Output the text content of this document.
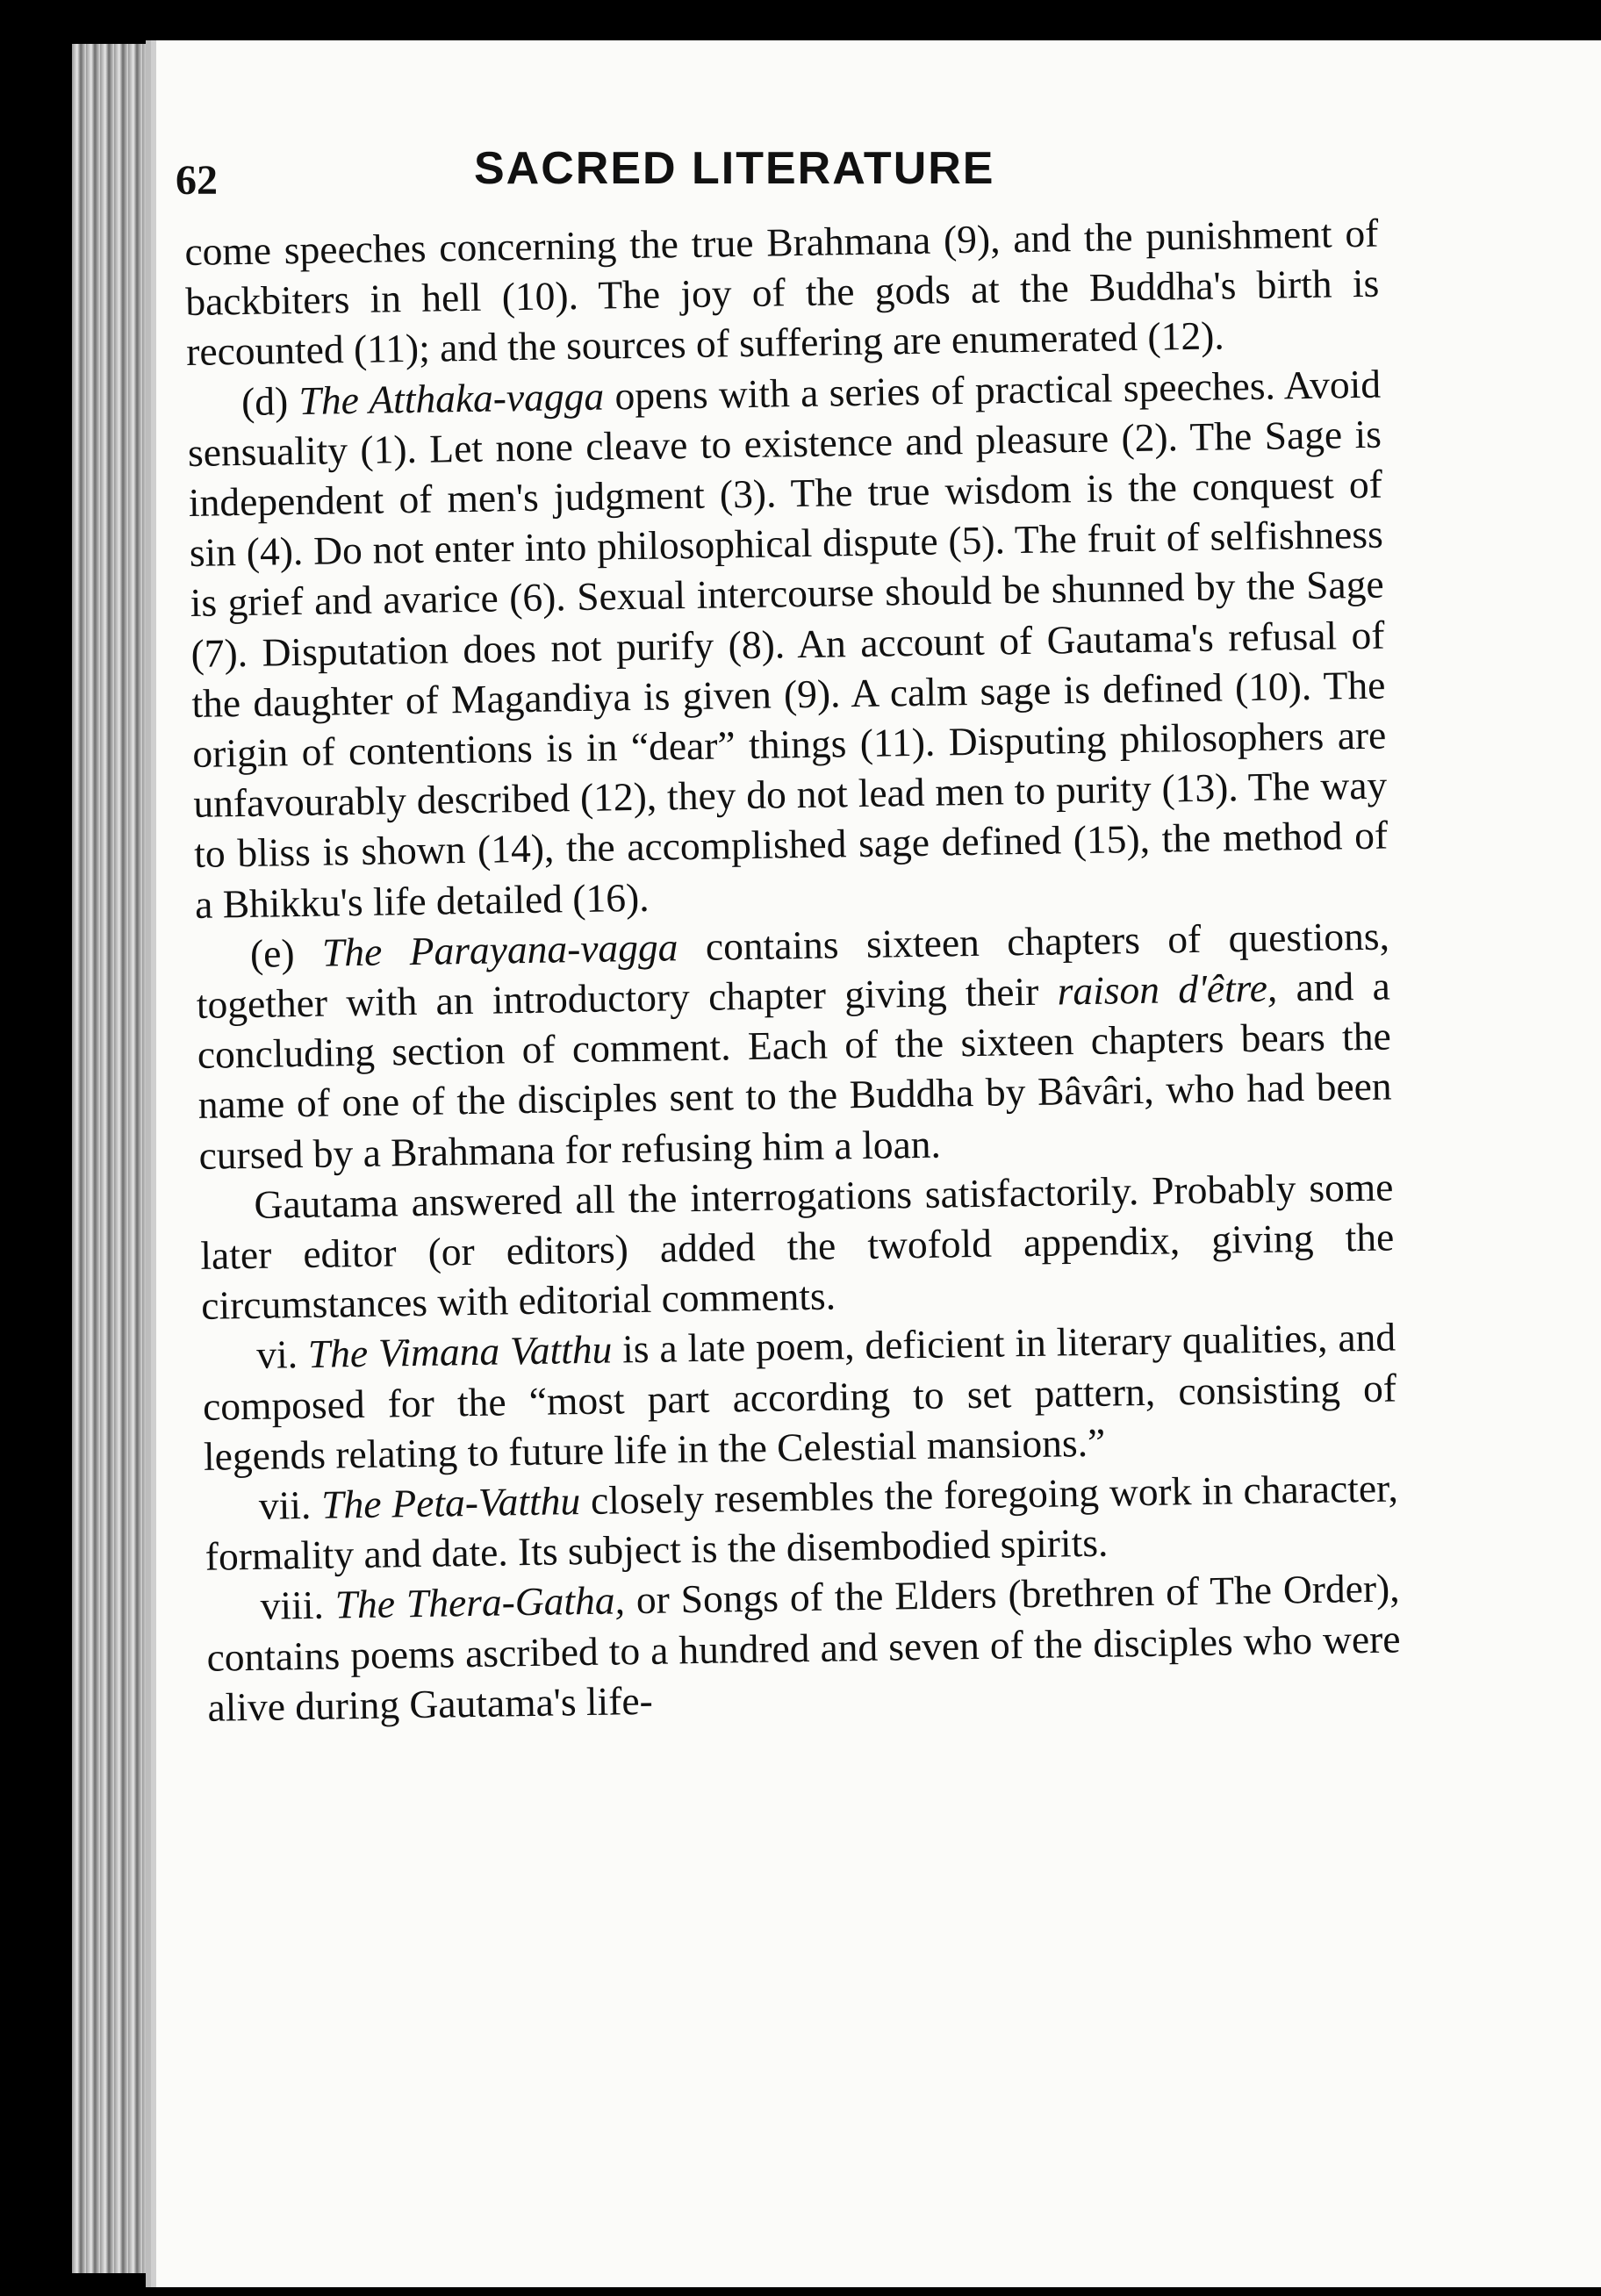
62	SACRED LITERATURE

come speeches concerning the true Brahmana (9), and the punishment of backbiters in hell (10). The joy of the gods at the Buddha's birth is recounted (11); and the sources of suffering are enumerated (12).

(d) The Atthaka-vagga opens with a series of practical speeches. Avoid sensuality (1). Let none cleave to existence and pleasure (2). The Sage is independent of men's judgment (3). The true wisdom is the conquest of sin (4). Do not enter into philosophical dispute (5). The fruit of selfishness is grief and avarice (6). Sexual intercourse should be shunned by the Sage (7). Disputation does not purify (8). An account of Gautama's refusal of the daughter of Magandiya is given (9). A calm sage is defined (10). The origin of contentions is in “dear” things (11). Disputing philosophers are unfavourably described (12), they do not lead men to purity (13). The way to bliss is shown (14), the accomplished sage defined (15), the method of a Bhikku's life detailed (16).

(e) The Parayana-vagga contains sixteen chapters of questions, together with an introductory chapter giving their raison d'être, and a concluding section of comment. Each of the sixteen chapters bears the name of one of the disciples sent to the Buddha by Bâvâri, who had been cursed by a Brahmana for refusing him a loan.

Gautama answered all the interrogations satisfactorily. Probably some later editor (or editors) added the twofold appendix, giving the circumstances with editorial comments.

vi. The Vimana Vatthu is a late poem, deficient in literary qualities, and composed for the “most part according to set pattern, consisting of legends relating to future life in the Celestial mansions.”

vii. The Peta-Vatthu closely resembles the foregoing work in character, formality and date. Its subject is the disembodied spirits.

viii. The Thera-Gatha, or Songs of the Elders (brethren of The Order), contains poems ascribed to a hundred and seven of the disciples who were alive during Gautama's life-
